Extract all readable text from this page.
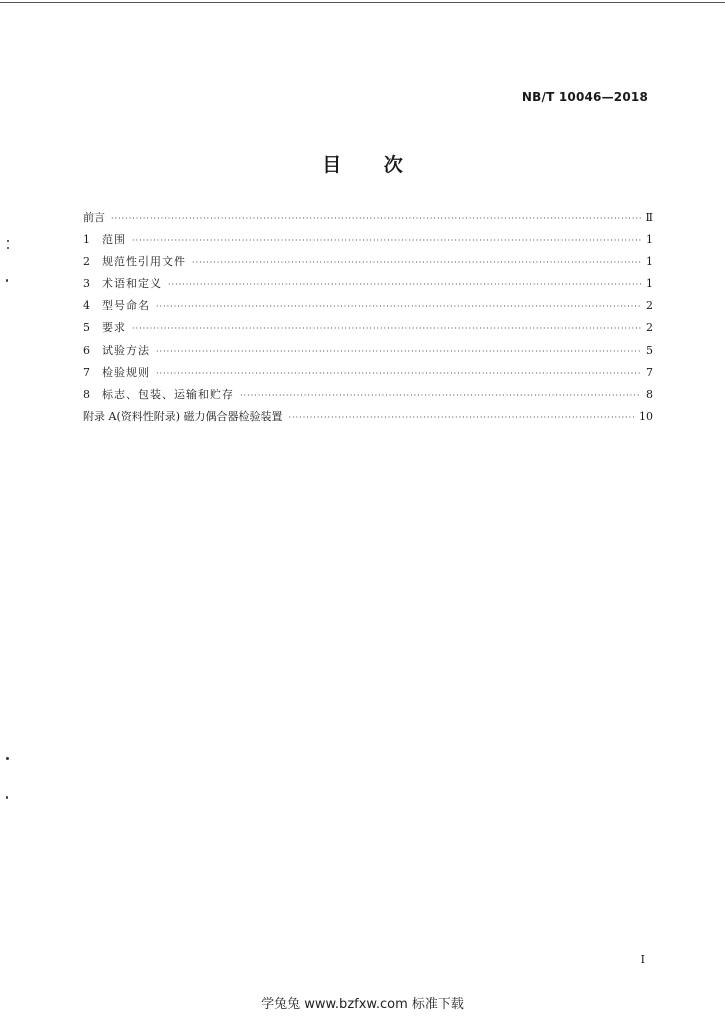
NB/T 10046—2018
目 次
前言 ·····	Ⅱ
1	范围 ·····	1
2	规范性引用文件 ·····	1
3	术语和定义 ·····	1
4	型号命名 ·····	2
5	要求 ·····	2
6	试验方法 ·····	5
7	检验规则 ·····	7
8	标志、包装、运输和贮存 ·····	8
附录 A(资料性附录) 磁力偶合器检验装置 ·····	10
I
学兔兔 www.bzfxw.com 标准下载
